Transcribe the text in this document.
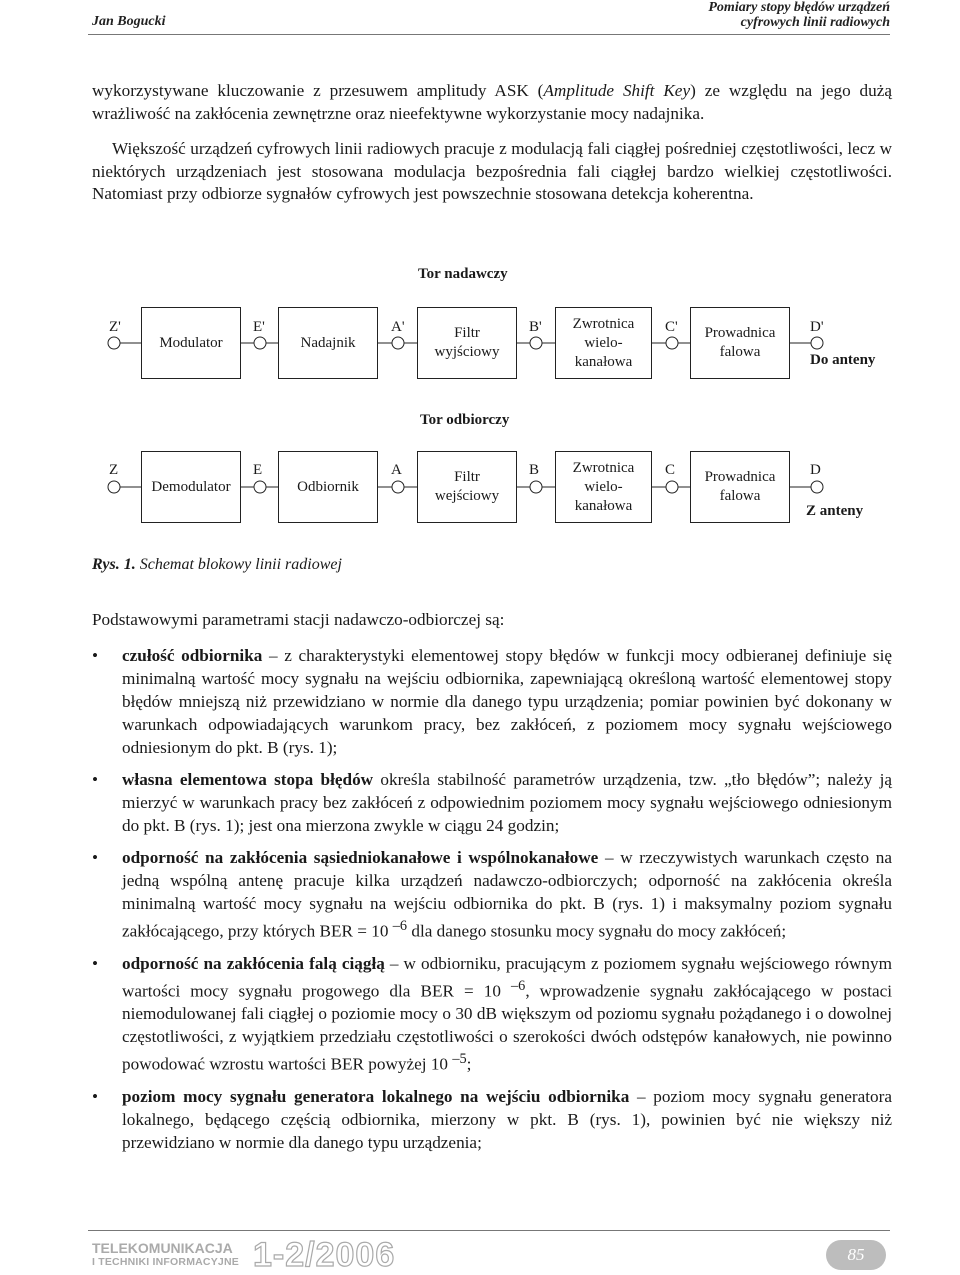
Jan Bogucki
Pomiary stopy błędów urządzeń
cyfrowych linii radiowych

wykorzystywane kluczowanie z przesuwem amplitudy ASK (Amplitude Shift Key) ze względu na jego dużą wrażliwość na zakłócenia zewnętrzne oraz nieefektywne wykorzystanie mocy nadajnika.

Większość urządzeń cyfrowych linii radiowych pracuje z modulacją fali ciągłej pośredniej częstotliwości, lecz w niektórych urządzeniach jest stosowana modulacja bezpośrednia fali ciągłej bardzo wielkiej częstotliwości. Natomiast przy odbiorze sygnałów cyfrowych jest powszechnie stosowana detekcja koherentna.

Tor nadawczy
Tor odbiorczy
Modulator	Nadajnik
Filtr
wyjściowy
Zwrotnica
wielo-
kanałowa
Prowadnica
falowa
Demodulator	Odbiornik
Filtr
wejściowy
Zwrotnica
wielo-
kanałowa
Prowadnica
falowa
Z'	E'	A'	B'	C'	D'
Z	E	A	B	C	D
Do anteny
Z anteny
Rys. 1. Schemat blokowy linii radiowej
Podstawowymi parametrami stacji nadawczo-odbiorczej są:
• czułość odbiornika – z charakterystyki elementowej stopy błędów w funkcji mocy odbieranej definiuje się minimalną wartość mocy sygnału na wejściu odbiornika, zapewniającą określoną wartość elementowej stopy błędów mniejszą niż przewidziano w normie dla danego typu urządzenia; pomiar powinien być dokonany w warunkach odpowiadających warunkom pracy, bez zakłóceń, z poziomem mocy sygnału wejściowego odniesionym do pkt. B (rys. 1);
• własna elementowa stopa błędów określa stabilność parametrów urządzenia, tzw. „tło błędów”; należy ją mierzyć w warunkach pracy bez zakłóceń z odpowiednim poziomem mocy sygnału wejściowego odniesionym do pkt. B (rys. 1); jest ona mierzona zwykle w ciągu 24 godzin;
• odporność na zakłócenia sąsiedniokanałowe i wspólnokanałowe – w rzeczywistych warunkach często na jedną wspólną antenę pracuje kilka urządzeń nadawczo-odbiorczych; odporność na zakłócenia określa minimalną wartość mocy sygnału na wejściu odbiornika do pkt. B (rys. 1) i maksymalny poziom sygnału zakłócającego, przy których BER = 10 $^{-6}$ dla danego stosunku mocy sygnału do mocy zakłóceń;
• odporność na zakłócenia falą ciągłą – w odbiorniku, pracującym z poziomem sygnału wejściowego równym wartości mocy sygnału progowego dla BER = 10 $^{-6}$, wprowadzenie sygnału zakłócającego w postaci niemodulowanej fali ciągłej o poziomie mocy o 30 dB większym od poziomu sygnału pożądanego i o dowolnej częstotliwości, z wyjątkiem przedziału częstotliwości o szerokości dwóch odstępów kanałowych, nie powinno powodować wzrostu wartości BER powyżej 10 $^{-5}$;
• poziom mocy sygnału generatora lokalnego na wejściu odbiornika – poziom mocy sygnału generatora lokalnego, będącego częścią odbiornika, mierzony w pkt. B (rys. 1), powinien być nie większy niż przewidziano w normie dla danego typu urządzenia;
TELEKOMUNIKACJA
I TECHNIKI INFORMACYJNE 1-2/2006	85
